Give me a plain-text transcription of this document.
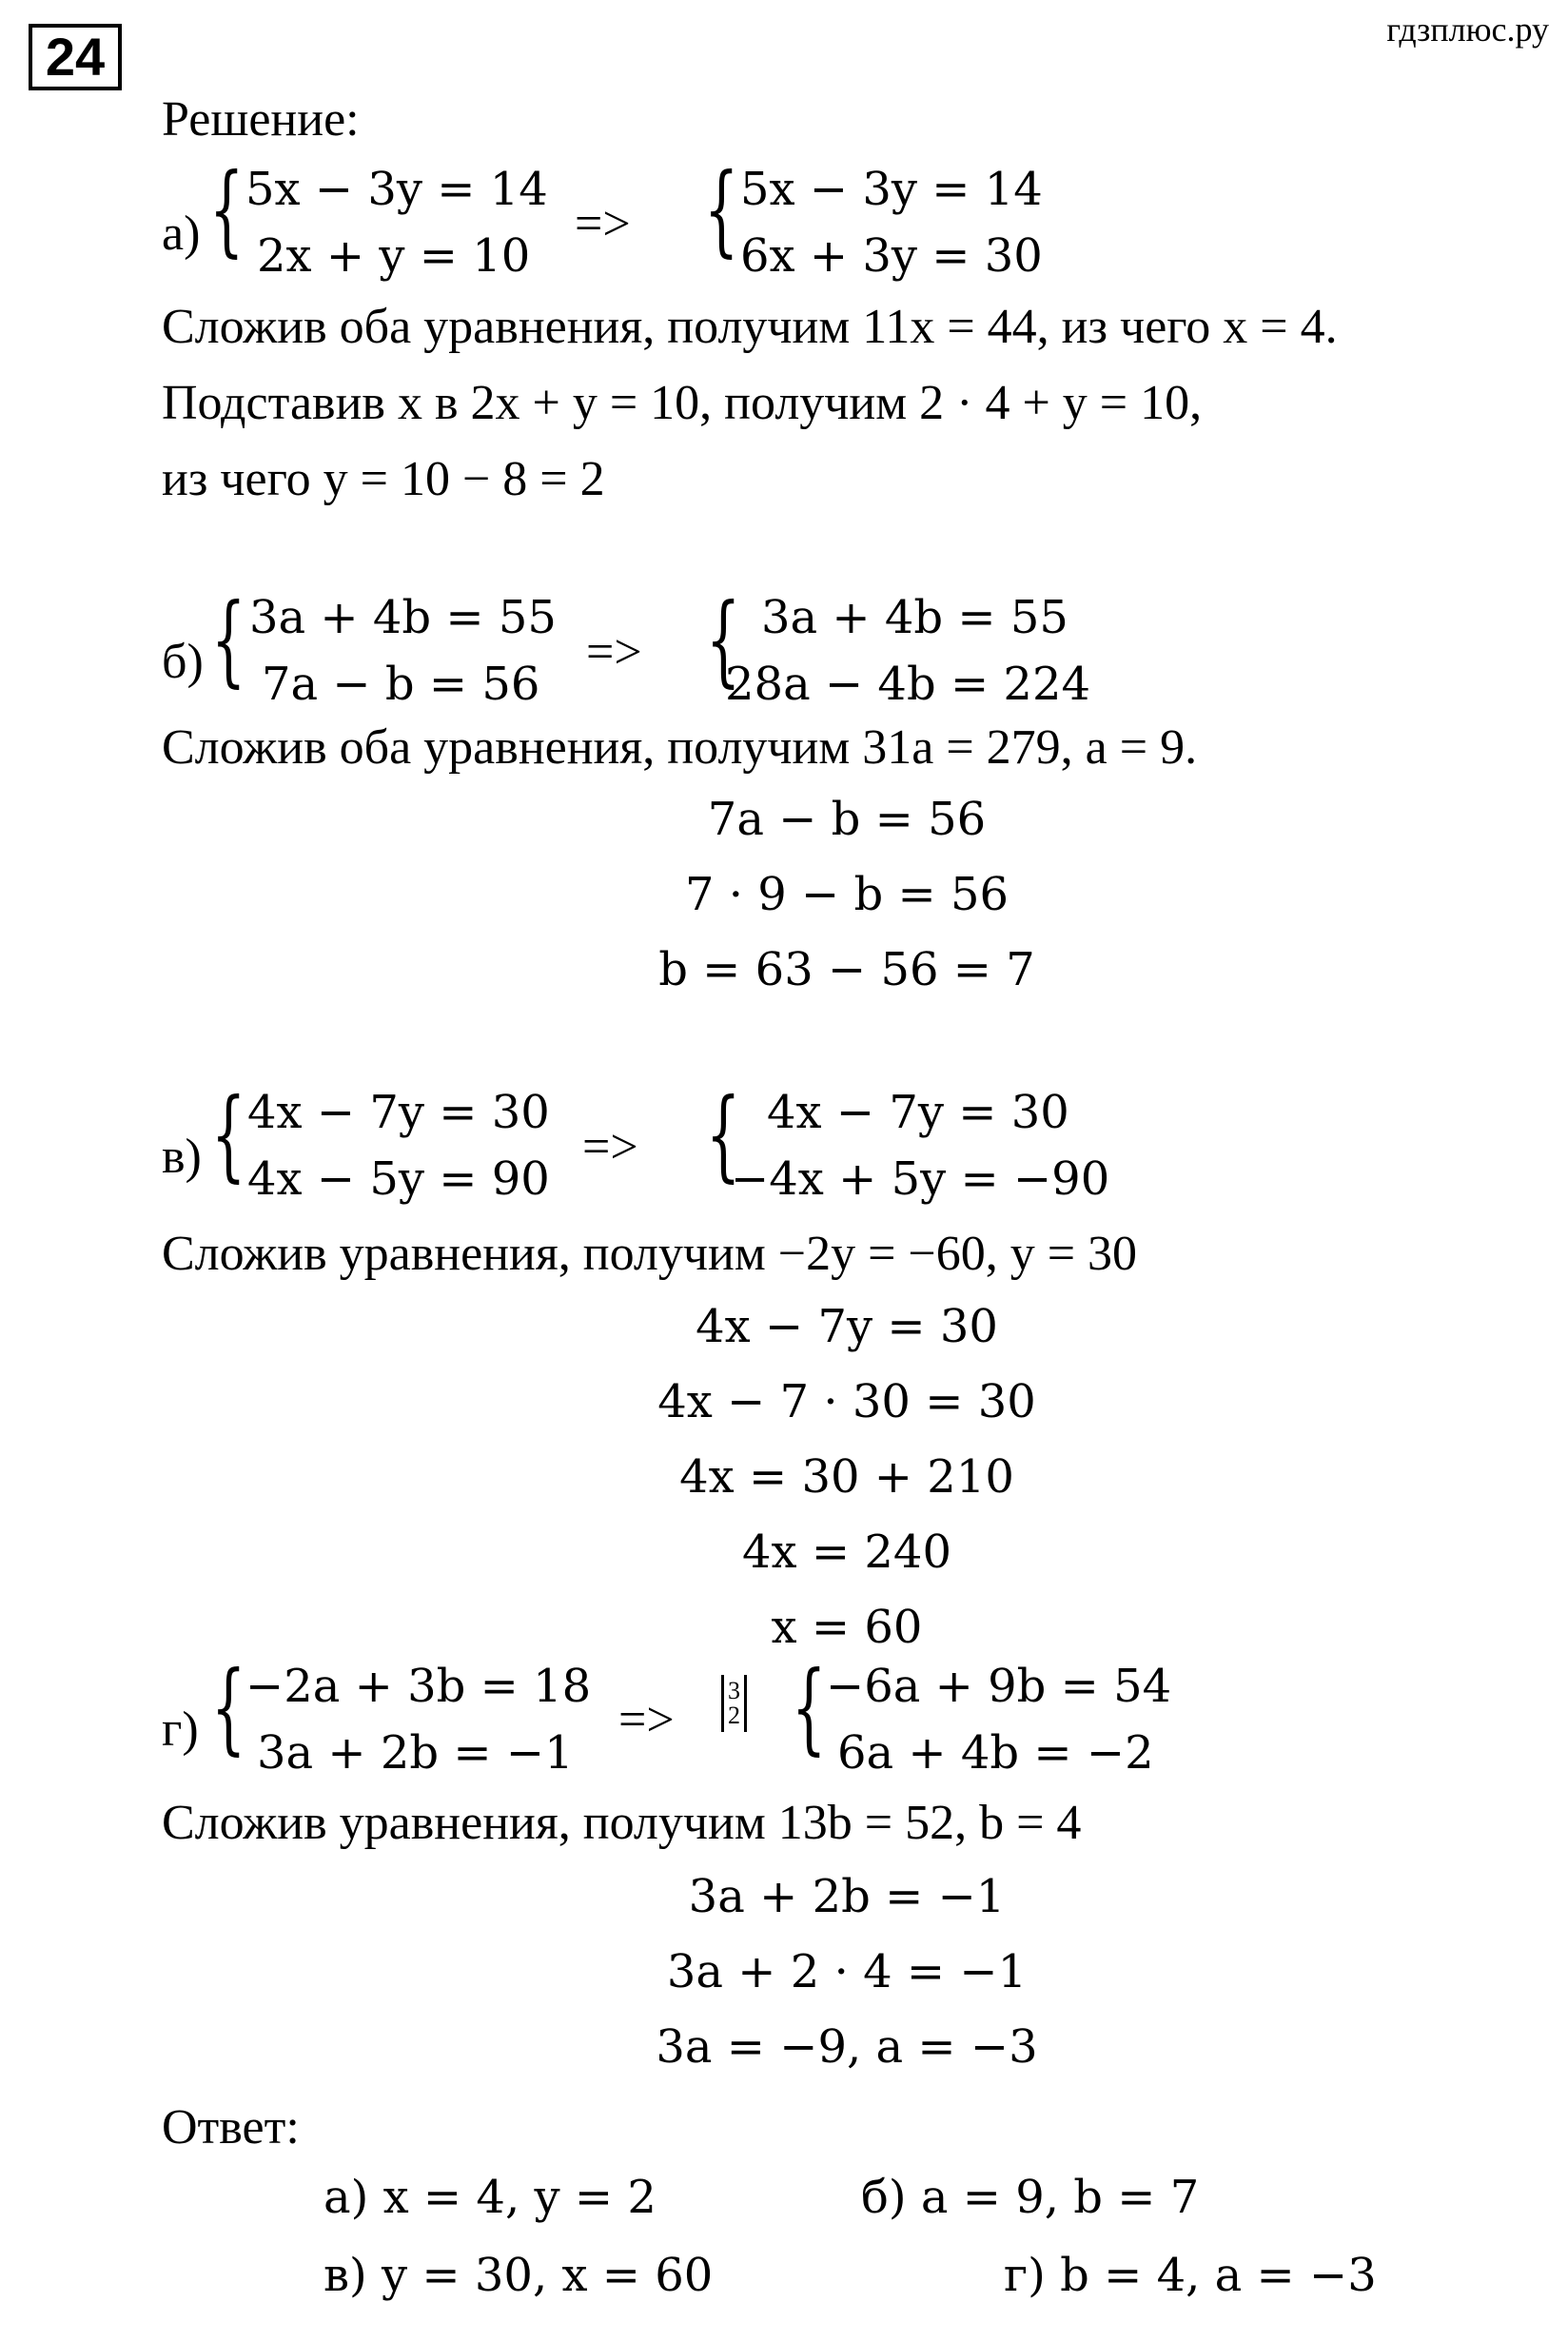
24	гдзплюс.ру
Решение:
а) { 5x − 3y = 14
2x + y = 10
=> { 5x − 3y = 14
6x + 3y = 30
Сложив оба уравнения, получим 11x = 44, из чего x = 4.
Подставив x в 2x + y = 10, получим 2 · 4 + y = 10,
из чего y = 10 − 8 = 2
б) { 3a + 4b = 55
7a − b = 56
=> { 3a + 4b = 55
28a − 4b = 224
Сложив оба уравнения, получим 31a = 279, a = 9.
7a − b = 56
7 · 9 − b = 56
b = 63 − 56 = 7
в) { 4x − 7y = 30
4x − 5y = 90
=> { 4x − 7y = 30
−4x + 5y = −90
Сложив уравнения, получим −2y = −60, y = 30
4x − 7y = 30
4x − 7 · 30 = 30
4x = 30 + 210
4x = 240
x = 60
г) { −2a + 3b = 18
3a + 2b = −1
=>
3
2 { −6a + 9b = 54
6a + 4b = −2
Сложив уравнения, получим 13b = 52, b = 4
3a + 2b = −1
3a + 2 · 4 = −1
3a = −9, a = −3
Ответ:
а) x = 4, y = 2	б) a = 9, b = 7
в) y = 30, x = 60	г) b = 4, a = −3
